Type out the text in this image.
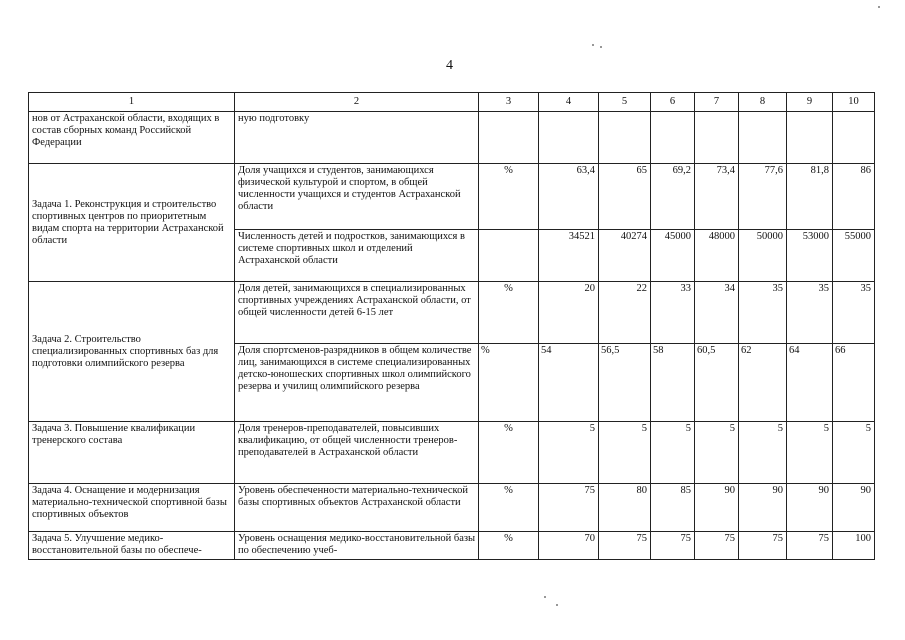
4
1	2	3	4	5	6	7	8	9	10
нов от Астраханской области, входящих в состав сборных команд Российской Федерации	ную подготовку								
Задача 1. Реконструкция и строительство спортивных центров по приоритетным видам спорта на территории Астраханской области	Доля учащихся и студентов, занимающихся физической культурой и спортом, в общей численности учащихся и студентов Астраханской области	%	63,4	65	69,2	73,4	77,6	81,8	86
	Численность детей и подростков, занимающихся в системе спортивных школ и отделений Астраханской области		34521	40274	45000	48000	50000	53000	55000
Задача 2. Строительство специализированных спортивных баз для подготовки олимпийского резерва	Доля детей, занимающихся в специализированных спортивных учреждениях Астраханской области, от общей численности детей 6-15 лет	%	20	22	33	34	35	35	35
	Доля спортсменов-разрядников в общем количестве лиц, занимающихся в системе специализированных детско-юношеских спортивных школ олимпийского резерва и училищ олимпийского резерва	%	54	56,5	58	60,5	62	64	66
Задача 3. Повышение квалификации тренерского состава	Доля тренеров-преподавателей, повысивших квалификацию, от общей численности тренеров-преподавателей в Астраханской области	%	5	5	5	5	5	5	5
Задача 4. Оснащение и модернизация материально-технической спортивной базы спортивных объектов	Уровень обеспеченности материально-технической базы спортивных объектов Астраханской области	%	75	80	85	90	90	90	90
Задача 5. Улучшение медико-восстановительной базы по обеспече-	Уровень оснащения медико-восстановительной базы по обеспечению учеб-	%	70	75	75	75	75	75	100
